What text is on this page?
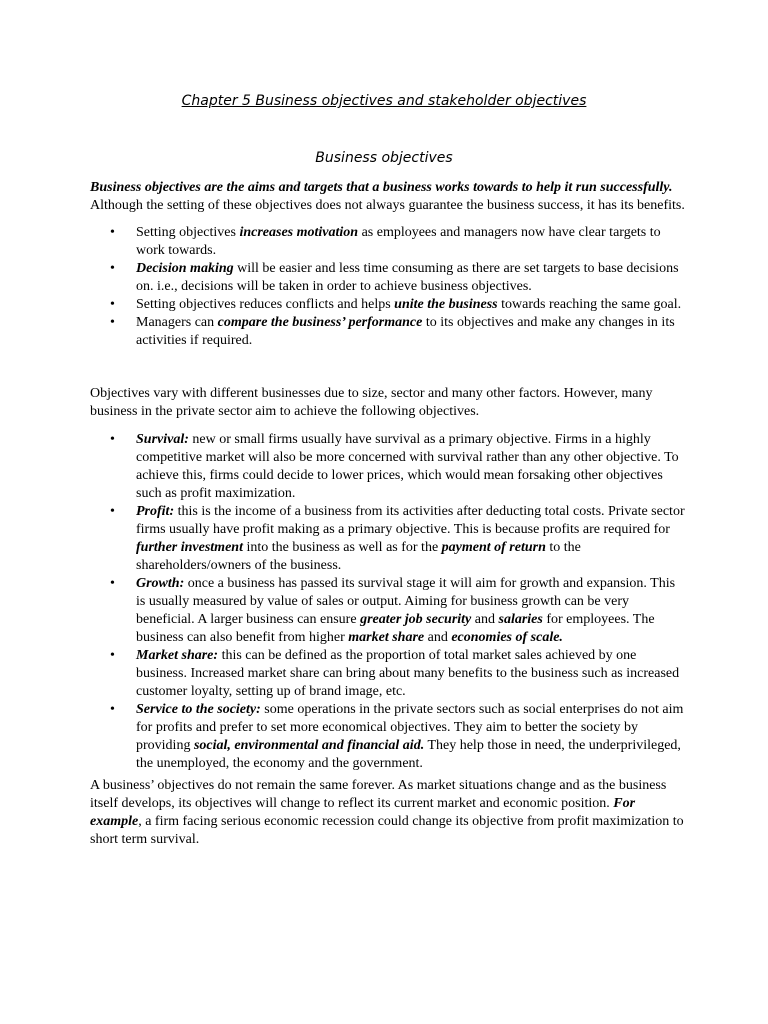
Chapter 5 Business objectives and stakeholder objectives
Business objectives

Business objectives are the aims and targets that a business works towards to help it run successfully. Although the setting of these objectives does not always guarantee the business success, it has its benefits.

• Setting objectives increases motivation as employees and managers now have clear targets to work towards.
• Decision making will be easier and less time consuming as there are set targets to base decisions on. i.e., decisions will be taken in order to achieve business objectives.
• Setting objectives reduces conflicts and helps unite the business towards reaching the same goal.
• Managers can compare the business’ performance to its objectives and make any changes in its activities if required.

Objectives vary with different businesses due to size, sector and many other factors. However, many business in the private sector aim to achieve the following objectives.

• Survival: new or small firms usually have survival as a primary objective. Firms in a highly competitive market will also be more concerned with survival rather than any other objective. To achieve this, firms could decide to lower prices, which would mean forsaking other objectives such as profit maximization.
• Profit: this is the income of a business from its activities after deducting total costs. Private sector firms usually have profit making as a primary objective. This is because profits are required for further investment into the business as well as for the payment of return to the shareholders/owners of the business.
• Growth: once a business has passed its survival stage it will aim for growth and expansion. This is usually measured by value of sales or output. Aiming for business growth can be very beneficial. A larger business can ensure greater job security and salaries for employees. The business can also benefit from higher market share and economies of scale.
• Market share: this can be defined as the proportion of total market sales achieved by one business. Increased market share can bring about many benefits to the business such as increased customer loyalty, setting up of brand image, etc.
• Service to the society: some operations in the private sectors such as social enterprises do not aim for profits and prefer to set more economical objectives. They aim to better the society by providing social, environmental and financial aid. They help those in need, the underprivileged, the unemployed, the economy and the government.

A business’ objectives do not remain the same forever. As market situations change and as the business itself develops, its objectives will change to reflect its current market and economic position. For example, a firm facing serious economic recession could change its objective from profit maximization to short term survival.
